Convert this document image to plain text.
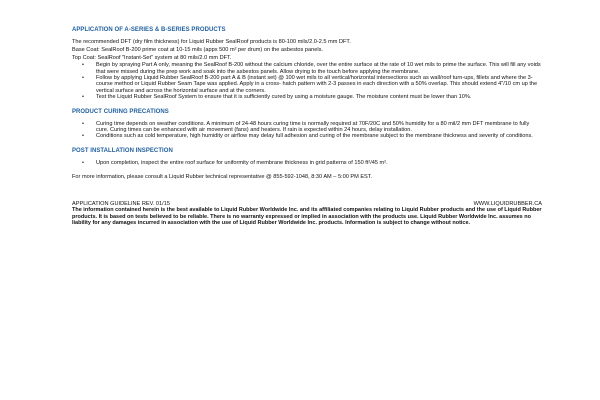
APPLICATION OF A-SERIES & B-SERIES PRODUCTS

The recommended DFT (dry film thickness) for Liquid Rubber SealRoof products is 80-100 mils/2.0-2.5 mm DFT.

Base Coat: SealRoof B-200 prime coat at 10-15 mils (appx 500 m² per drum) on the asbestos panels.

Top Coat: SealRoof "Instant-Set" system at 80 mils/2.0 mm DFT.

• Begin by spraying Part A only, meaning the SealRoof B-200 without the calcium chloride, over the entire surface at the rate of 10 wet mils to prime the surface. This will fill any voids that were missed during the prep work and soak into the asbestos panels. Allow drying to the touch before applying the membrane.
• Follow by applying Liquid Rubber SealRoof B-200 part A & B (instant set) @ 100 wet mils to all vertical/horizontal intersections such as wall/roof turn-ups, fillets and where the 3-course method or Liquid Rubber Seam Tape was applied. Apply in a cross- hatch pattern with 2-3 passes in each direction with a 50% overlap. This should extend 4"/10 cm up the vertical surface and across the horizontal surface and at the corners.
• Test the Liquid Rubber SealRoof System to ensure that it is sufficiently cured by using a moisture gauge. The moisture content must be lower than 10%.

PRODUCT CURING PRECATIONS

• Curing time depends on weather conditions. A minimum of 24-48 hours curing time is normally required at 70F/20C and 50% humidity for a 80 mil/2 mm DFT membrane to fully cure. Curing times can be enhanced with air movement (fans) and heaters. If rain is expected within 24 hours, delay installation.
• Conditions such as cold temperature, high humidity or airflow may delay full adhesion and curing of the membrane subject to the membrane thickness and severity of conditions.

POST INSTALLATION INSPECTION

• Upon completion, inspect the entire roof surface for uniformity of membrane thickness in grid patterns of 150 ft²/45 m².

For more information, please consult a Liquid Rubber technical representative @ 855-592-1048, 8:30 AM – 5:00 PM EST.

APPLICATION GUIDELINE REV. 01/15	WWW.LIQUIDRUBBER.CA

The information contained herein is the best available to Liquid Rubber Worldwide Inc. and its affiliated companies relating to Liquid Rubber products and the use of Liquid Rubber products. It is based on tests believed to be reliable. There is no warranty expressed or implied in association with the products use. Liquid Rubber Worldwide Inc. assumes no liability for any damages incurred in association with the use of Liquid Rubber Worldwide Inc. products. Information is subject to change without notice.
